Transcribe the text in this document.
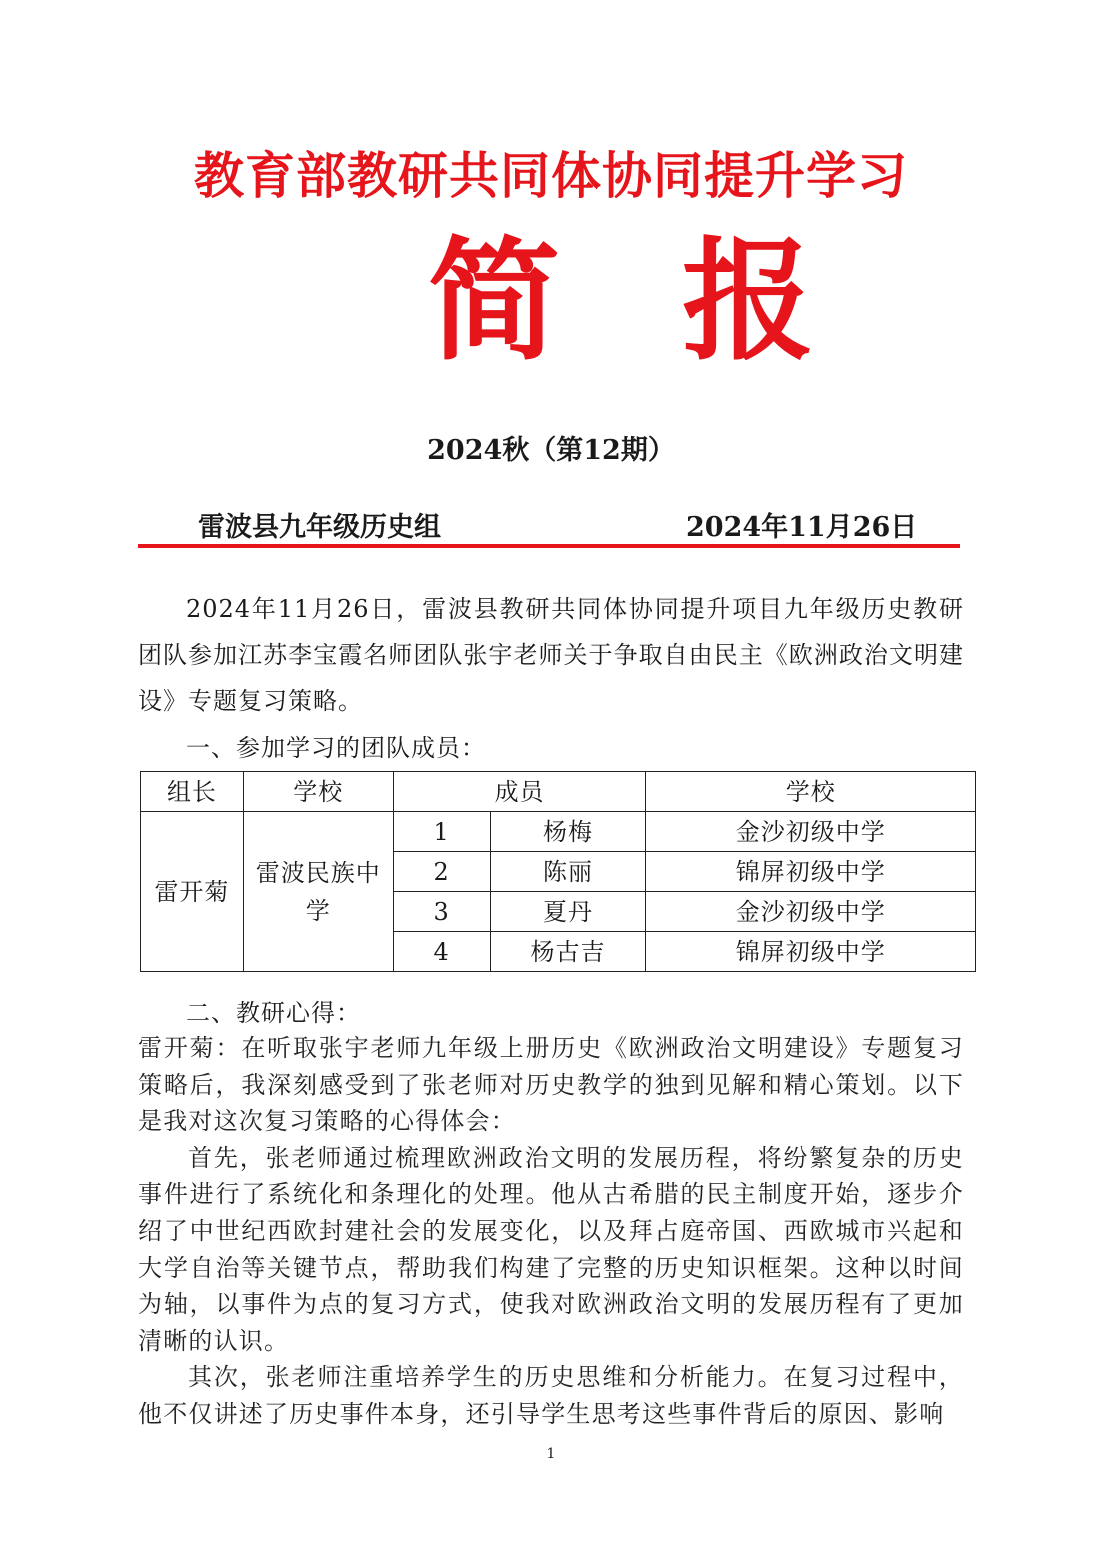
教育部教研共同体协同提升学习
简 报
2024秋（第12期）
雷波县九年级历史组	2024年11月26日
2024年11月26日，雷波县教研共同体协同提升项目九年级历史教研团队参加江苏李宝霞名师团队张宇老师关于争取自由民主《欧洲政治文明建设》专题复习策略。
一、参加学习的团队成员：
组长	学校	成员		学校
雷开菊	雷波民族中学	1	杨梅	金沙初级中学
		2	陈丽	锦屏初级中学
		3	夏丹	金沙初级中学
		4	杨古吉	锦屏初级中学
二、教研心得：

雷开菊：在听取张宇老师九年级上册历史《欧洲政治文明建设》专题复习策略后，我深刻感受到了张老师对历史教学的独到见解和精心策划。以下是我对这次复习策略的心得体会：

首先，张老师通过梳理欧洲政治文明的发展历程，将纷繁复杂的历史事件进行了系统化和条理化的处理。他从古希腊的民主制度开始，逐步介绍了中世纪西欧封建社会的发展变化，以及拜占庭帝国、西欧城市兴起和大学自治等关键节点，帮助我们构建了完整的历史知识框架。这种以时间为轴，以事件为点的复习方式，使我对欧洲政治文明的发展历程有了更加清晰的认识。

其次，张老师注重培养学生的历史思维和分析能力。在复习过程中，他不仅讲述了历史事件本身，还引导学生思考这些事件背后的原因、影响

1
